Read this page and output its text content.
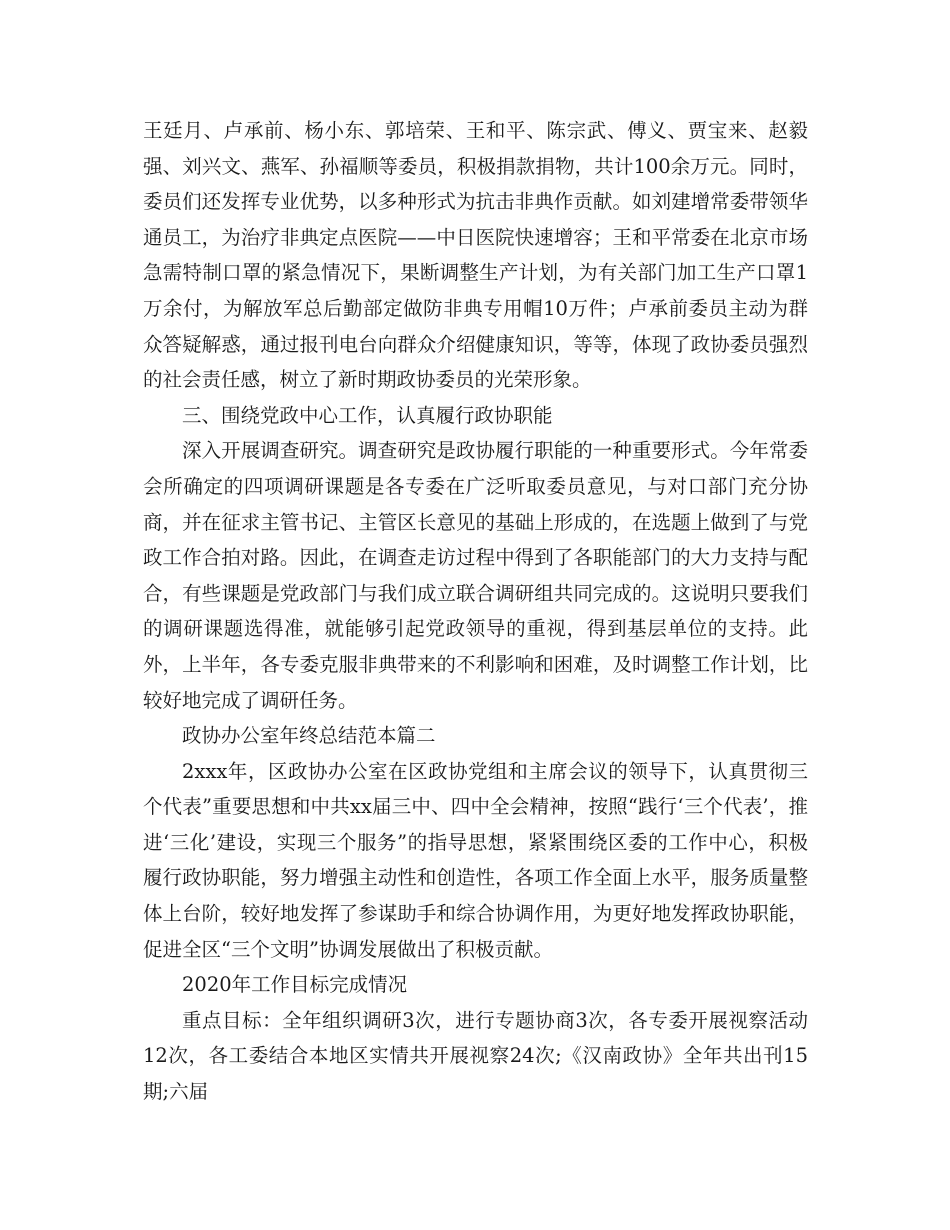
王廷月、卢承前、杨小东、郭培荣、王和平、陈宗武、傅义、贾宝来、赵毅强、刘兴文、燕军、孙福顺等委员，积极捐款捐物，共计100余万元。同时，委员们还发挥专业优势，以多种形式为抗击非典作贡献。如刘建增常委带领华通员工，为治疗非典定点医院——中日医院快速增容；王和平常委在北京市场急需特制口罩的紧急情况下，果断调整生产计划，为有关部门加工生产口罩1万余付，为解放军总后勤部定做防非典专用帽10万件；卢承前委员主动为群众答疑解惑，通过报刊电台向群众介绍健康知识，等等，体现了政协委员强烈的社会责任感，树立了新时期政协委员的光荣形象。

三、围绕党政中心工作，认真履行政协职能

深入开展调查研究。调查研究是政协履行职能的一种重要形式。今年常委会所确定的四项调研课题是各专委在广泛听取委员意见，与对口部门充分协商，并在征求主管书记、主管区长意见的基础上形成的，在选题上做到了与党政工作合拍对路。因此，在调查走访过程中得到了各职能部门的大力支持与配合，有些课题是党政部门与我们成立联合调研组共同完成的。这说明只要我们的调研课题选得准，就能够引起党政领导的重视，得到基层单位的支持。此外，上半年，各专委克服非典带来的不利影响和困难，及时调整工作计划，比较好地完成了调研任务。

政协办公室年终总结范本篇二

2xxx年，区政协办公室在区政协党组和主席会议的领导下，认真贯彻三个代表”重要思想和中共xx届三中、四中全会精神，按照“践行‘三个代表’，推进‘三化’建设，实现三个服务”的指导思想，紧紧围绕区委的工作中心，积极履行政协职能，努力增强主动性和创造性，各项工作全面上水平，服务质量整体上台阶，较好地发挥了参谋助手和综合协调作用，为更好地发挥政协职能，促进全区“三个文明”协调发展做出了积极贡献。

2020年工作目标完成情况

重点目标：全年组织调研3次，进行专题协商3次，各专委开展视察活动12次，各工委结合本地区实情共开展视察24次;《汉南政协》全年共出刊15期;六届
